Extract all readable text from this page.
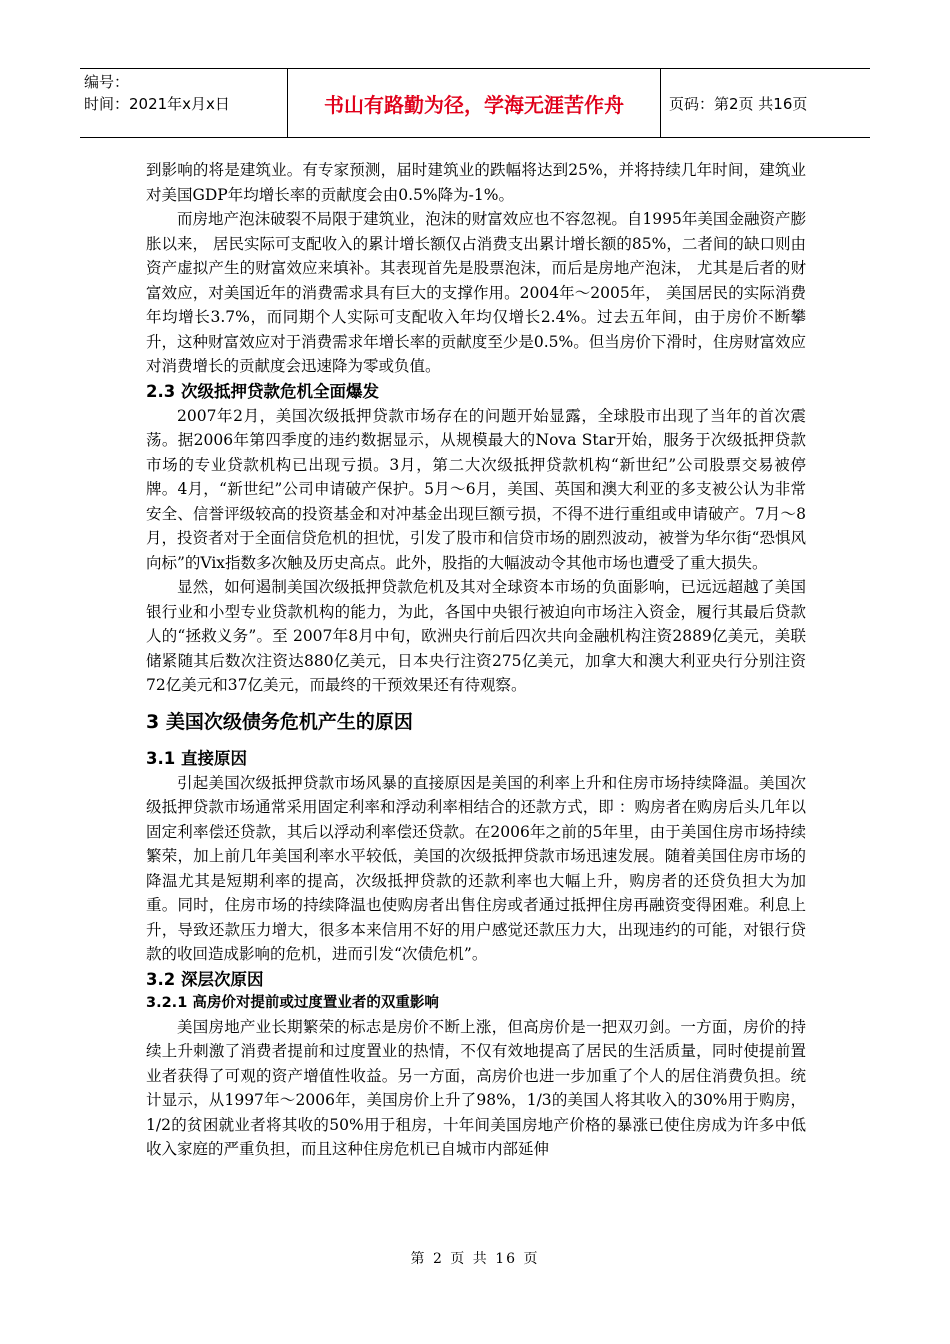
编号：
时间：2021年x月x日	书山有路勤为径，学海无涯苦作舟	页码：第2页 共16页

到影响的将是建筑业。有专家预测，届时建筑业的跌幅将达到25%，并将持续几年时间，建筑业对美国GDP年均增长率的贡献度会由0.5%降为-1%。

而房地产泡沫破裂不局限于建筑业，泡沫的财富效应也不容忽视。自1995年美国金融资产膨胀以来， 居民实际可支配收入的累计增长额仅占消费支出累计增长额的85%，二者间的缺口则由资产虚拟产生的财富效应来填补。其表现首先是股票泡沫，而后是房地产泡沫， 尤其是后者的财富效应，对美国近年的消费需求具有巨大的支撑作用。2004年～2005年， 美国居民的实际消费年均增长3.7%，而同期个人实际可支配收入年均仅增长2.4%。过去五年间，由于房价不断攀升，这种财富效应对于消费需求年增长率的贡献度至少是0.5%。但当房价下滑时，住房财富效应对消费增长的贡献度会迅速降为零或负值。

2.3 次级抵押贷款危机全面爆发

2007年2月，美国次级抵押贷款市场存在的问题开始显露，全球股市出现了当年的首次震荡。据2006年第四季度的违约数据显示，从规模最大的Nova Star开始，服务于次级抵押贷款市场的专业贷款机构已出现亏损。3月，第二大次级抵押贷款机构“新世纪”公司股票交易被停牌。4月，“新世纪”公司申请破产保护。5月～6月，美国、英国和澳大利亚的多支被公认为非常安全、信誉评级较高的投资基金和对冲基金出现巨额亏损，不得不进行重组或申请破产。7月～8月，投资者对于全面信贷危机的担忧，引发了股市和信贷市场的剧烈波动，被誉为华尔街“恐惧风向标”的Vix指数多次触及历史高点。此外，股指的大幅波动令其他市场也遭受了重大损失。

显然，如何遏制美国次级抵押贷款危机及其对全球资本市场的负面影响，已远远超越了美国银行业和小型专业贷款机构的能力，为此，各国中央银行被迫向市场注入资金，履行其最后贷款人的“拯救义务”。至 2007年8月中旬，欧洲央行前后四次共向金融机构注资2889亿美元，美联储紧随其后数次注资达880亿美元，日本央行注资275亿美元，加拿大和澳大利亚央行分别注资72亿美元和37亿美元，而最终的干预效果还有待观察。

3 美国次级债务危机产生的原因
3.1 直接原因

引起美国次级抵押贷款市场风暴的直接原因是美国的利率上升和住房市场持续降温。美国次级抵押贷款市场通常采用固定利率和浮动利率相结合的还款方式，即 ：购房者在购房后头几年以固定利率偿还贷款，其后以浮动利率偿还贷款。在2006年之前的5年里，由于美国住房市场持续繁荣，加上前几年美国利率水平较低，美国的次级抵押贷款市场迅速发展。随着美国住房市场的降温尤其是短期利率的提高，次级抵押贷款的还款利率也大幅上升，购房者的还贷负担大为加重。同时，住房市场的持续降温也使购房者出售住房或者通过抵押住房再融资变得困难。利息上升，导致还款压力增大，很多本来信用不好的用户感觉还款压力大，出现违约的可能，对银行贷款的收回造成影响的危机，进而引发“次债危机”。

3.2 深层次原因
3.2.1 高房价对提前或过度置业者的双重影响

美国房地产业长期繁荣的标志是房价不断上涨，但高房价是一把双刃剑。一方面，房价的持续上升刺激了消费者提前和过度置业的热情，不仅有效地提高了居民的生活质量，同时使提前置业者获得了可观的资产增值性收益。另一方面，高房价也进一步加重了个人的居住消费负担。统计显示，从1997年～2006年，美国房价上升了98%，1/3的美国人将其收入的30%用于购房，1/2的贫困就业者将其收的50%用于租房，十年间美国房地产价格的暴涨已使住房成为许多中低收入家庭的严重负担，而且这种住房危机已自城市内部延伸

第 2 页 共 16 页
